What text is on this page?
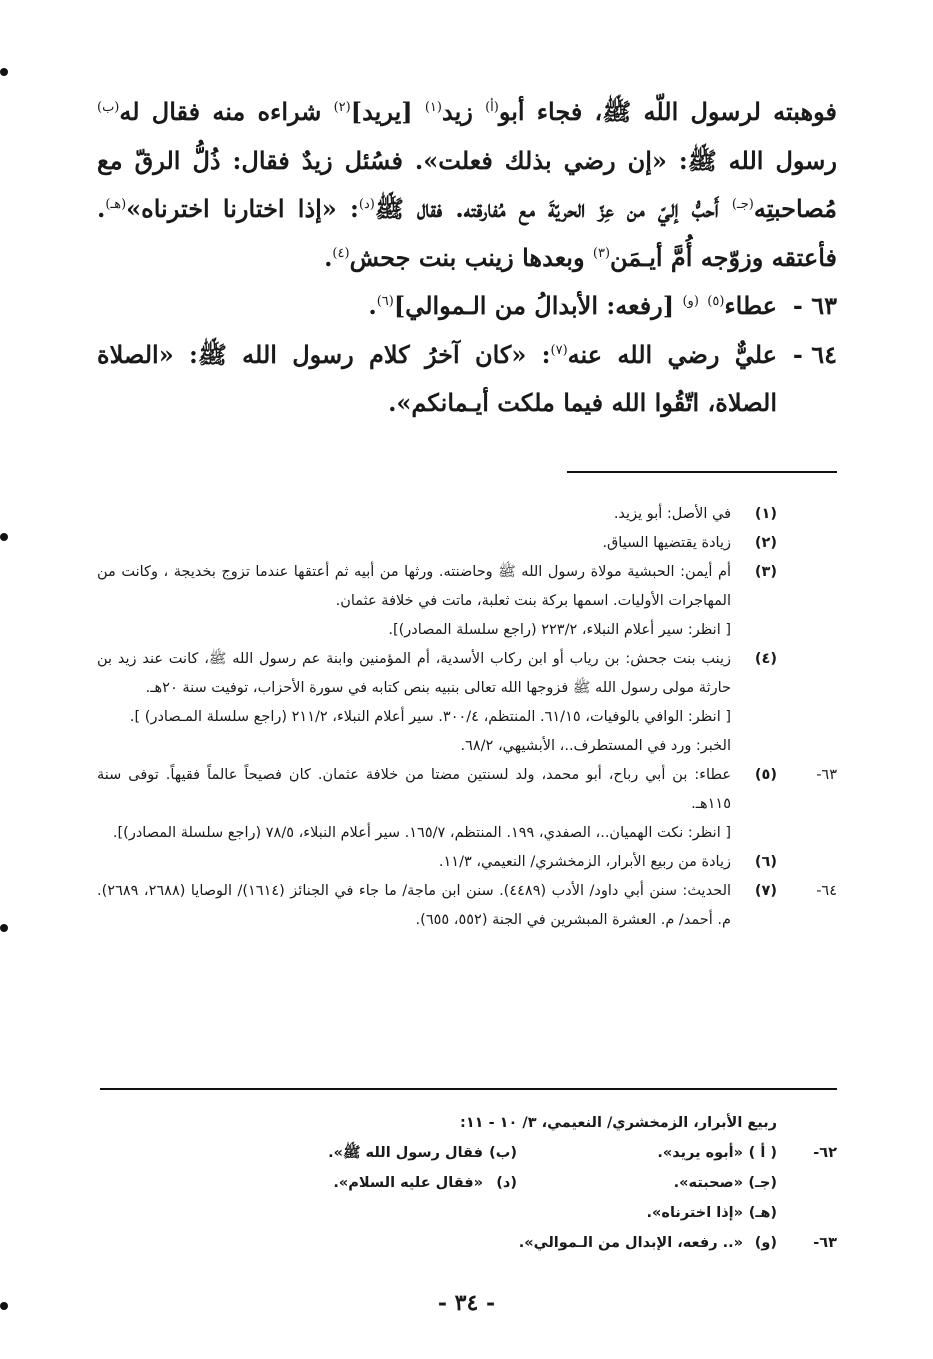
فوهبته لرسول اللّه ﷺ، فجاء أبو$^{(أ)}$ زيد$^{(١)}$ [يريد]$^{(٢)}$ شراءه منه فقال له$^{(ب)}$ رسول الله ﷺ: «إن رضي بذلك فعلت». فسُئل زيدٌ فقال: ذُلُّ الرقّ مع مُصاحبتِه$^{(جـ)}$ أَحبُّ إليّ من عِزّ الحريّةَ مع مُفارقته. فقال ﷺ$^{(د)}$: «إذا اختارنا اخترناه»$^{(هـ)}$. فأعتقه وزوّجه أُمَّ أيـمَن$^{(٣)}$ وبعدها زينب بنت جحش$^{(٤)}$.

٦٣ -
عطاء$^{(٥)}$ $^{(و)}$ [رفعه: الأبدالُ من الـموالي]$^{(٦)}$.
٦٤ -
عليٌّ رضي الله عنه$^{(٧)}$: «كان آخرُ كلام رسول الله ﷺ: «الصلاة الصلاة، اتّقُوا الله فيما ملكت أيـمانكم».
(١)
في الأصل: أبو يزيد.
(٢)
زيادة يقتضيها السياق.
(٣)
أم أيمن: الحبشية مولاة رسول الله ﷺ وحاضنته. ورثها من أبيه ثم أعتقها عندما تزوج بخديجة ، وكانت من المهاجرات الأوليات. اسمها بركة بنت ثعلبة، ماتت في خلافة عثمان.
[ انظر: سير أعلام النبلاء، ٢٢٣/٢ (راجع سلسلة المصادر)].
(٤)
زينب بنت جحش: بن رياب أو ابن ركاب الأسدية، أم المؤمنين وابنة عم رسول الله ﷺ، كانت عند زيد بن حارثة مولى رسول الله ﷺ فزوجها الله تعالى بنبيه بنص كتابه في سورة الأحزاب، توفيت سنة ٢٠هـ.
[ انظر: الوافي بالوفيات، ٦١/١٥. المنتظم، ٣٠٠/٤. سير أعلام النبلاء، ٢١١/٢ (راجع سلسلة المـصادر) ].
الخبر: ورد في المستطرف..، الأبشيهي، ٦٨/٢.
٦٣-
(٥)
عطاء: بن أبي رباح، أبو محمد، ولد لسنتين مضتا من خلافة عثمان. كان فصيحاً عالماً فقيهاً. توفى سنة ١١٥هـ.
[ انظر: نكت الهميان..، الصفدي، ١٩٩. المنتظم، ١٦٥/٧. سير أعلام النبلاء، ٧٨/٥ (راجع سلسلة المصادر)].
(٦)
زيادة من ربيع الأبرار، الزمخشري/ النعيمي، ١١/٣.
٦٤-
(٧)
الحديث: سنن أبي داود/ الأدب (٤٤٨٩). سنن ابن ماجة/ ما جاء في الجنائز (١٦١٤)/ الوصايا (٢٦٨٨، ٢٦٨٩). م. أحمد/ م. العشرة المبشرين في الجنة (٥٥٢، ٦٥٥).
ربيع الأبرار، الزمخشري/ النعيمي، ٣/ ١٠ - ١١:
٦٢-
( أ )
«أبوه يريد».
(ب)
فقال رسول الله ﷺ».
(جـ)
«صحبته».
(د)
«فقال عليه السلام».
(هـ)
«إذا اخترناه».
٦٣-
(و)
«.. رفعه، الإبدال من الـموالي».
- ٣٤ -
